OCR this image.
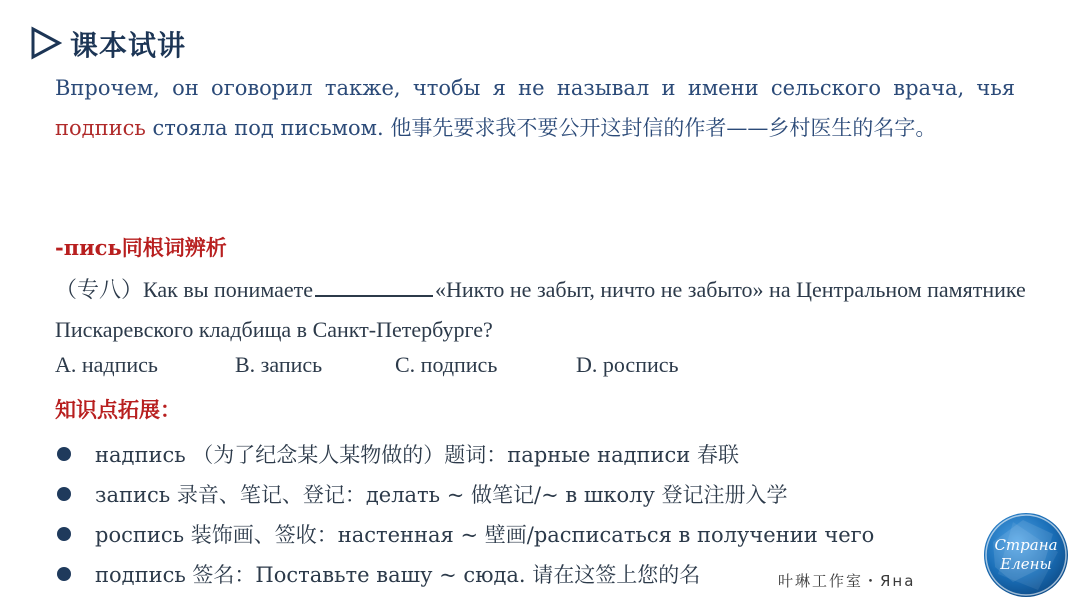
课本试讲
Впрочем, он оговорил также, чтобы я не называл и имени сельского врача, чья подпись стояла под письмом. 他事先要求我不要公开这封信的作者——乡村医生的名字。
-пись同根词辨析
（专八）Как вы понимаете	«Никто не забыт, ничто не забыто» на Центральном памятнике Пискаревского кладбища в Санкт-Петербурге?
A. надпись	B. запись	C. подпись	D. роспись
知识点拓展：
надпись （为了纪念某人某物做的）题词：парные надписи 春联
запись 录音、笔记、登记：делать ~ 做笔记/~ в школу 登记注册入学
роспись 装饰画、签收：настенная ~ 壁画/расписаться в получении чего
подпись 签名：Поставьте вашу ~ сюда. 请在这签上您的名	叶琳工作室・Яна
Страна
Елены
